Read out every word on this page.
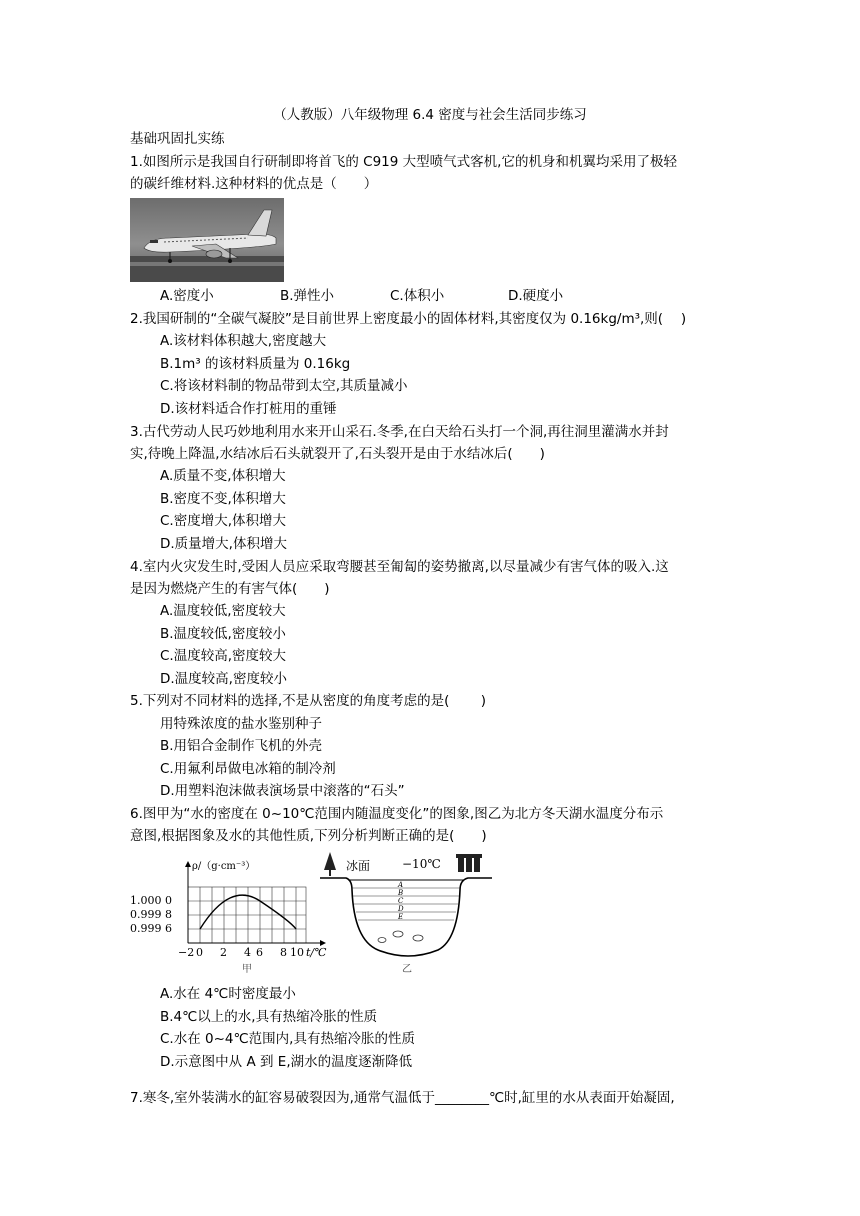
（人教版）八年级物理 6.4 密度与社会生活同步练习
基础巩固扎实练
1.如图所示是我国自行研制即将首飞的 C919 大型喷气式客机,它的机身和机翼均采用了极轻
的碳纤维材料.这种材料的优点是（　　）
A.密度小	B.弹性小	C.体积小	D.硬度小
2.我国研制的“全碳气凝胶”是目前世界上密度最小的固体材料,其密度仅为 0.16kg/m³,则(　 )
A.该材料体积越大,密度越大
B.1m³ 的该材料质量为 0.16kg
C.将该材料制的物品带到太空,其质量减小
D.该材料适合作打桩用的重锤
3.古代劳动人民巧妙地利用水来开山采石.冬季,在白天给石头打一个洞,再往洞里灌满水并封
实,待晚上降温,水结冰后石头就裂开了,石头裂开是由于水结冰后(　　)
A.质量不变,体积增大
B.密度不变,体积增大
C.密度增大,体积增大
D.质量增大,体积增大
4.室内火灾发生时,受困人员应采取弯腰甚至匍匐的姿势撤离,以尽量减少有害气体的吸入.这
是因为燃烧产生的有害气体(　　)
A.温度较低,密度较大
B.温度较低,密度较小
C.温度较高,密度较大
D.温度较高,密度较小
5.下列对不同材料的选择,不是从密度的角度考虑的是(　　 )
用特殊浓度的盐水鉴别种子
B.用铝合金制作飞机的外壳
C.用氟利昂做电冰箱的制冷剂
D.用塑料泡沫做表演场景中滚落的“石头”
6.图甲为“水的密度在 0~10℃范围内随温度变化”的图象,图乙为北方冬天湖水温度分布示
意图,根据图象及水的其他性质,下列分析判断正确的是(　　)
ρ/（g·cm⁻³）
1.000 0
0.999 8
0.999 6
−2 0 2 4 6 8 10 t/℃
甲
冰面	−10℃
A
B
C
D
E
乙
A.水在 4℃时密度最小
B.4℃以上的水,具有热缩冷胀的性质
C.水在 0~4℃范围内,具有热缩冷胀的性质
D.示意图中从 A 到 E,湖水的温度逐渐降低
7.寒冬,室外装满水的缸容易破裂因为,通常气温低于________℃时,缸里的水从表面开始凝固,
